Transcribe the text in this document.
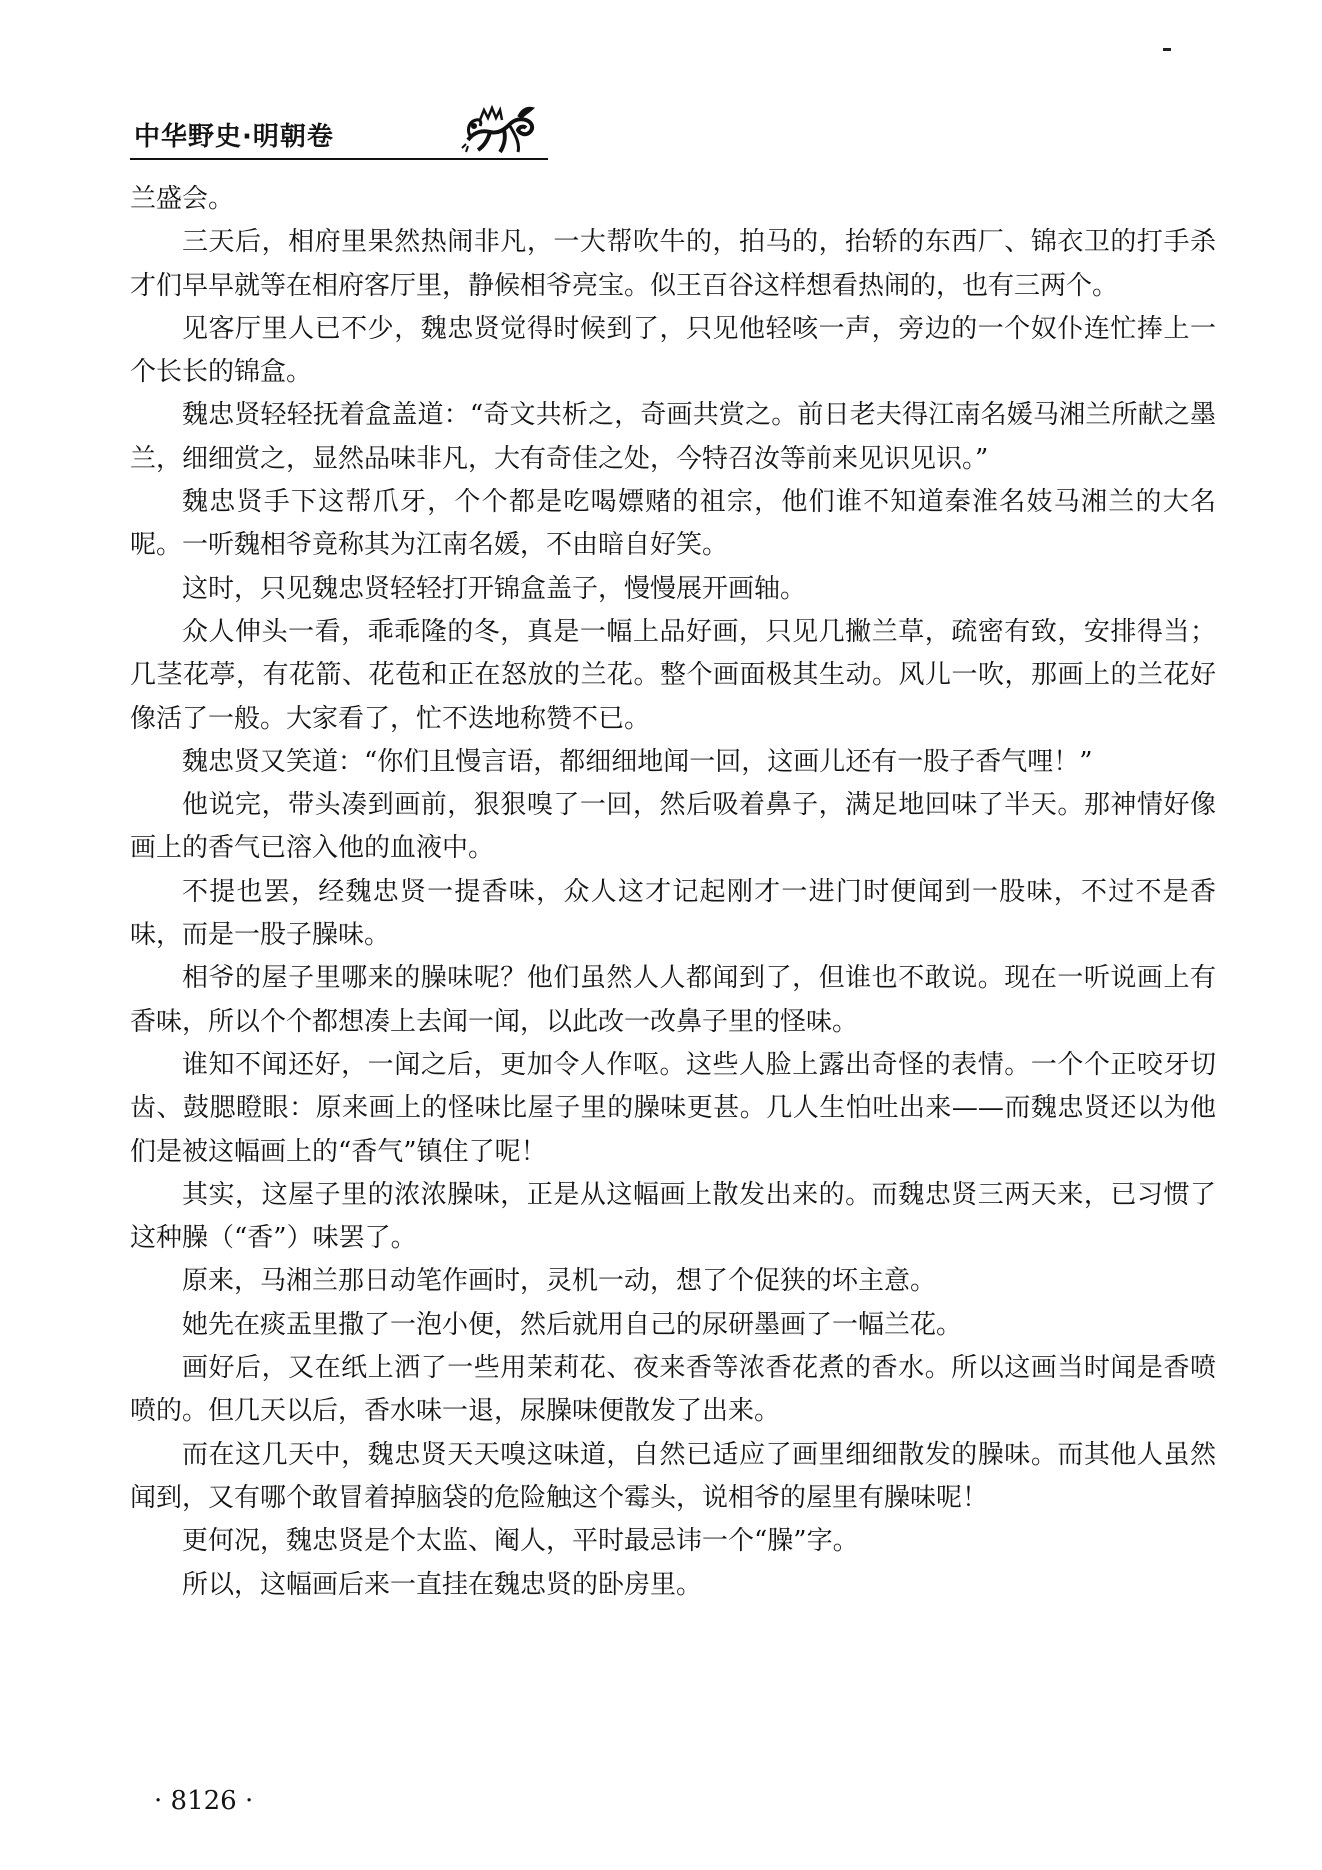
中华野史·明朝卷

兰盛会。

三天后，相府里果然热闹非凡，一大帮吹牛的，拍马的，抬轿的东西厂、锦衣卫的打手杀才们早早就等在相府客厅里，静候相爷亮宝。似王百谷这样想看热闹的，也有三两个。

见客厅里人已不少，魏忠贤觉得时候到了，只见他轻咳一声，旁边的一个奴仆连忙捧上一个长长的锦盒。

魏忠贤轻轻抚着盒盖道：“奇文共析之，奇画共赏之。前日老夫得江南名媛马湘兰所献之墨兰，细细赏之，显然品味非凡，大有奇佳之处，今特召汝等前来见识见识。”

魏忠贤手下这帮爪牙，个个都是吃喝嫖赌的祖宗，他们谁不知道秦淮名妓马湘兰的大名呢。一听魏相爷竟称其为江南名媛，不由暗自好笑。

这时，只见魏忠贤轻轻打开锦盒盖子，慢慢展开画轴。

众人伸头一看，乖乖隆的冬，真是一幅上品好画，只见几撇兰草，疏密有致，安排得当；几茎花葶，有花箭、花苞和正在怒放的兰花。整个画面极其生动。风儿一吹，那画上的兰花好像活了一般。大家看了，忙不迭地称赞不已。

魏忠贤又笑道：“你们且慢言语，都细细地闻一回，这画儿还有一股子香气哩！”

他说完，带头凑到画前，狠狠嗅了一回，然后吸着鼻子，满足地回味了半天。那神情好像画上的香气已溶入他的血液中。

不提也罢，经魏忠贤一提香味，众人这才记起刚才一进门时便闻到一股味，不过不是香味，而是一股子臊味。

相爷的屋子里哪来的臊味呢？他们虽然人人都闻到了，但谁也不敢说。现在一听说画上有香味，所以个个都想凑上去闻一闻，以此改一改鼻子里的怪味。

谁知不闻还好，一闻之后，更加令人作呕。这些人脸上露出奇怪的表情。一个个正咬牙切齿、鼓腮瞪眼：原来画上的怪味比屋子里的臊味更甚。几人生怕吐出来——而魏忠贤还以为他们是被这幅画上的“香气”镇住了呢！

其实，这屋子里的浓浓臊味，正是从这幅画上散发出来的。而魏忠贤三两天来，已习惯了这种臊（“香”）味罢了。

原来，马湘兰那日动笔作画时，灵机一动，想了个促狭的坏主意。

她先在痰盂里撒了一泡小便，然后就用自己的尿研墨画了一幅兰花。

画好后，又在纸上洒了一些用茉莉花、夜来香等浓香花煮的香水。所以这画当时闻是香喷喷的。但几天以后，香水味一退，尿臊味便散发了出来。

而在这几天中，魏忠贤天天嗅这味道，自然已适应了画里细细散发的臊味。而其他人虽然闻到，又有哪个敢冒着掉脑袋的危险触这个霉头，说相爷的屋里有臊味呢！

更何况，魏忠贤是个太监、阉人，平时最忌讳一个“臊”字。

所以，这幅画后来一直挂在魏忠贤的卧房里。

· 8126 ·
